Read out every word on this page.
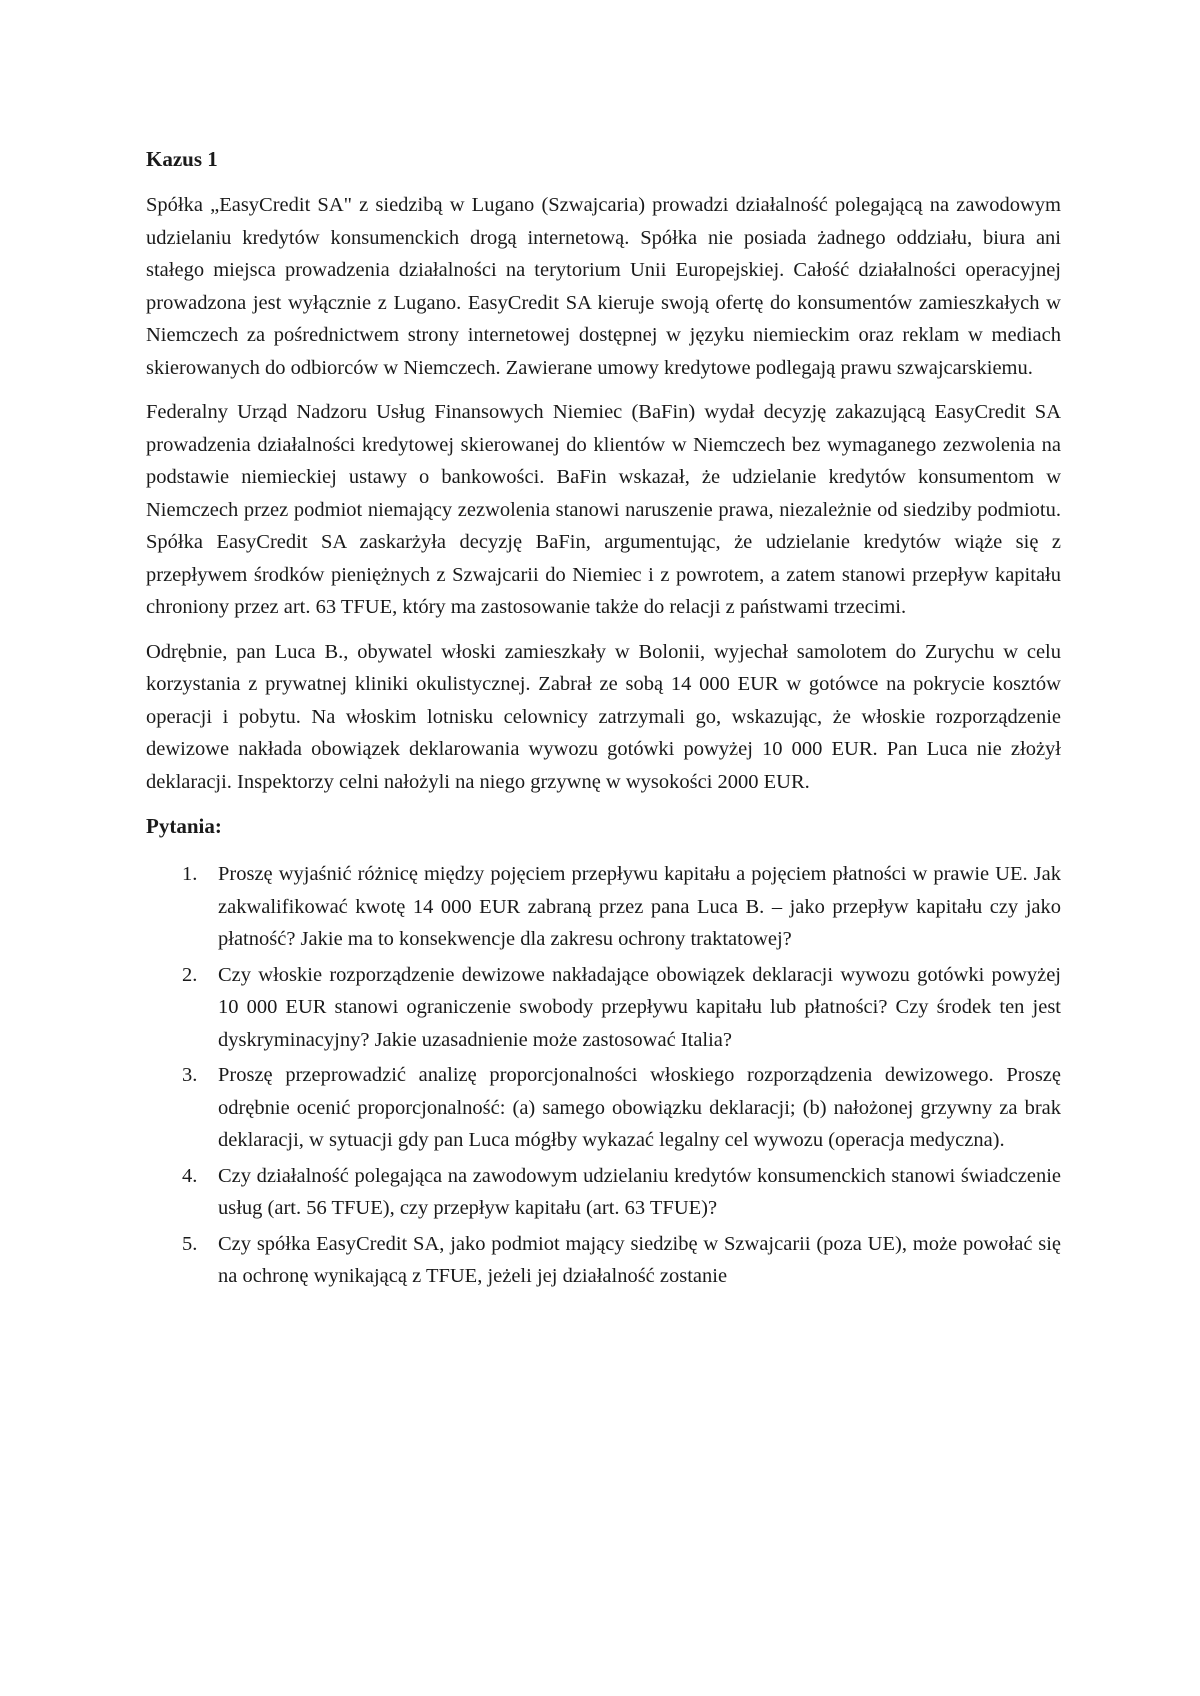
Kazus 1

Spółka „EasyCredit SA" z siedzibą w Lugano (Szwajcaria) prowadzi działalność polegającą na zawodowym udzielaniu kredytów konsumenckich drogą internetową. Spółka nie posiada żadnego oddziału, biura ani stałego miejsca prowadzenia działalności na terytorium Unii Europejskiej. Całość działalności operacyjnej prowadzona jest wyłącznie z Lugano. EasyCredit SA kieruje swoją ofertę do konsumentów zamieszkałych w Niemczech za pośrednictwem strony internetowej dostępnej w języku niemieckim oraz reklam w mediach skierowanych do odbiorców w Niemczech. Zawierane umowy kredytowe podlegają prawu szwajcarskiemu.

Federalny Urząd Nadzoru Usług Finansowych Niemiec (BaFin) wydał decyzję zakazującą EasyCredit SA prowadzenia działalności kredytowej skierowanej do klientów w Niemczech bez wymaganego zezwolenia na podstawie niemieckiej ustawy o bankowości. BaFin wskazał, że udzielanie kredytów konsumentom w Niemczech przez podmiot niemający zezwolenia stanowi naruszenie prawa, niezależnie od siedziby podmiotu. Spółka EasyCredit SA zaskarżyła decyzję BaFin, argumentując, że udzielanie kredytów wiąże się z przepływem środków pieniężnych z Szwajcarii do Niemiec i z powrotem, a zatem stanowi przepływ kapitału chroniony przez art. 63 TFUE, który ma zastosowanie także do relacji z państwami trzecimi.

Odrębnie, pan Luca B., obywatel włoski zamieszkały w Bolonii, wyjechał samolotem do Zurychu w celu korzystania z prywatnej kliniki okulistycznej. Zabrał ze sobą 14 000 EUR w gotówce na pokrycie kosztów operacji i pobytu. Na włoskim lotnisku celownicy zatrzymali go, wskazując, że włoskie rozporządzenie dewizowe nakłada obowiązek deklarowania wywozu gotówki powyżej 10 000 EUR. Pan Luca nie złożył deklaracji. Inspektorzy celni nałożyli na niego grzywnę w wysokości 2000 EUR.

Pytania:
1. Proszę wyjaśnić różnicę między pojęciem przepływu kapitału a pojęciem płatności w prawie UE. Jak zakwalifikować kwotę 14 000 EUR zabraną przez pana Luca B. – jako przepływ kapitału czy jako płatność? Jakie ma to konsekwencje dla zakresu ochrony traktatowej?
2. Czy włoskie rozporządzenie dewizowe nakładające obowiązek deklaracji wywozu gotówki powyżej 10 000 EUR stanowi ograniczenie swobody przepływu kapitału lub płatności? Czy środek ten jest dyskryminacyjny? Jakie uzasadnienie może zastosować Italia?
3. Proszę przeprowadzić analizę proporcjonalności włoskiego rozporządzenia dewizowego. Proszę odrębnie ocenić proporcjonalność: (a) samego obowiązku deklaracji; (b) nałożonej grzywny za brak deklaracji, w sytuacji gdy pan Luca mógłby wykazać legalny cel wywozu (operacja medyczna).
4. Czy działalność polegająca na zawodowym udzielaniu kredytów konsumenckich stanowi świadczenie usług (art. 56 TFUE), czy przepływ kapitału (art. 63 TFUE)?
5. Czy spółka EasyCredit SA, jako podmiot mający siedzibę w Szwajcarii (poza UE), może powołać się na ochronę wynikającą z TFUE, jeżeli jej działalność zostanie
